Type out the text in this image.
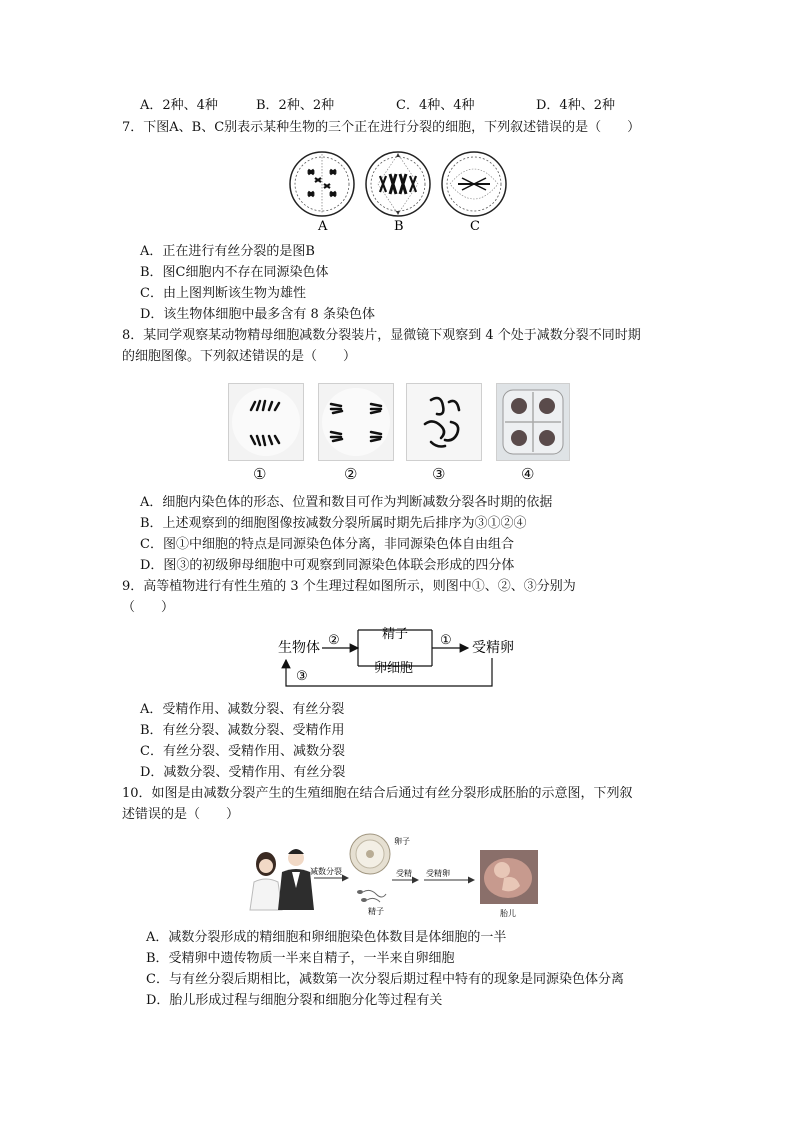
A．2种、4种	B．2种、2种	C．4种、4种	D．4种、2种
7．下图A、B、C别表示某种生物的三个正在进行分裂的细胞，下列叙述错误的是（　　）
A	B	C
A．正在进行有丝分裂的是图B
B．图C细胞内不存在同源染色体
C．由上图判断该生物为雄性
D．该生物体细胞中最多含有 8 条染色体
8．某同学观察某动物精母细胞减数分裂装片，显微镜下观察到 4 个处于减数分裂不同时期
的细胞图像。下列叙述错误的是（　　）
①	②	③	④
A．细胞内染色体的形态、位置和数目可作为判断减数分裂各时期的依据
B．上述观察到的细胞图像按减数分裂所属时期先后排序为③①②④
C．图①中细胞的特点是同源染色体分离，非同源染色体自由组合
D．图③的初级卵母细胞中可观察到同源染色体联会形成的四分体
9．高等植物进行有性生殖的 3 个生理过程如图所示，则图中①、②、③分别为
（　　）
生物体 ②	精子
卵细胞
① 受精卵
③
A．受精作用、减数分裂、有丝分裂
B．有丝分裂、减数分裂、受精作用
C．有丝分裂、受精作用、减数分裂
D．减数分裂、受精作用、有丝分裂
10．如图是由减数分裂产生的生殖细胞在结合后通过有丝分裂形成胚胎的示意图，下列叙
述错误的是（　　）
减数分裂
卵子
精子
受精 受精卵
胎儿
A．减数分裂形成的精细胞和卵细胞染色体数目是体细胞的一半
B．受精卵中遗传物质一半来自精子，一半来自卵细胞
C．与有丝分裂后期相比，减数第一次分裂后期过程中特有的现象是同源染色体分离
D．胎儿形成过程与细胞分裂和细胞分化等过程有关
